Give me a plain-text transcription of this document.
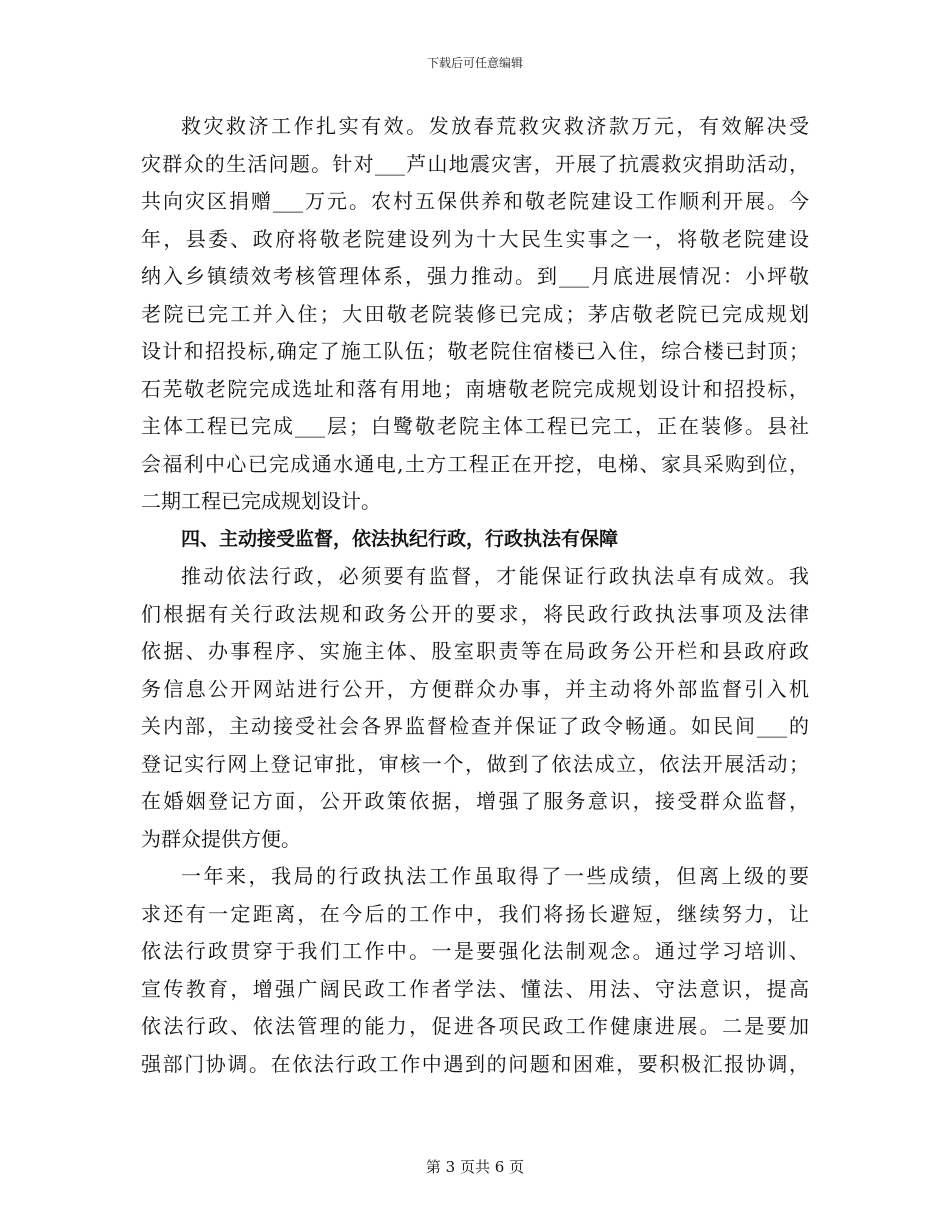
下载后可任意编辑
救灾救济工作扎实有效。发放春荒救灾救济款万元，有效解决受
灾群众的生活问题。针对___芦山地震灾害，开展了抗震救灾捐助活动，
共向灾区捐赠___万元。农村五保供养和敬老院建设工作顺利开展。今
年，县委、政府将敬老院建设列为十大民生实事之一，将敬老院建设
纳入乡镇绩效考核管理体系，强力推动。到___月底进展情况：小坪敬
老院已完工并入住；大田敬老院装修已完成；茅店敬老院已完成规划
设计和招投标,确定了施工队伍；敬老院住宿楼已入住，综合楼已封顶；
石芜敬老院完成选址和落有用地；南塘敬老院完成规划设计和招投标，
主体工程已完成___层；白鹭敬老院主体工程已完工，正在装修。县社
会福利中心已完成通水通电,土方工程正在开挖，电梯、家具采购到位，
二期工程已完成规划设计。
四、主动接受监督，依法执纪行政，行政执法有保障
推动依法行政，必须要有监督，才能保证行政执法卓有成效。我
们根据有关行政法规和政务公开的要求，将民政行政执法事项及法律
依据、办事程序、实施主体、股室职责等在局政务公开栏和县政府政
务信息公开网站进行公开，方便群众办事，并主动将外部监督引入机
关内部，主动接受社会各界监督检查并保证了政令畅通。如民间___的
登记实行网上登记审批，审核一个，做到了依法成立，依法开展活动；
在婚姻登记方面，公开政策依据，增强了服务意识，接受群众监督，
为群众提供方便。
一年来，我局的行政执法工作虽取得了一些成绩，但离上级的要
求还有一定距离，在今后的工作中，我们将扬长避短，继续努力，让
依法行政贯穿于我们工作中。一是要强化法制观念。通过学习培训、
宣传教育，增强广阔民政工作者学法、懂法、用法、守法意识，提高
依法行政、依法管理的能力，促进各项民政工作健康进展。二是要加
强部门协调。在依法行政工作中遇到的问题和困难，要积极汇报协调，
第 3 页共 6 页
